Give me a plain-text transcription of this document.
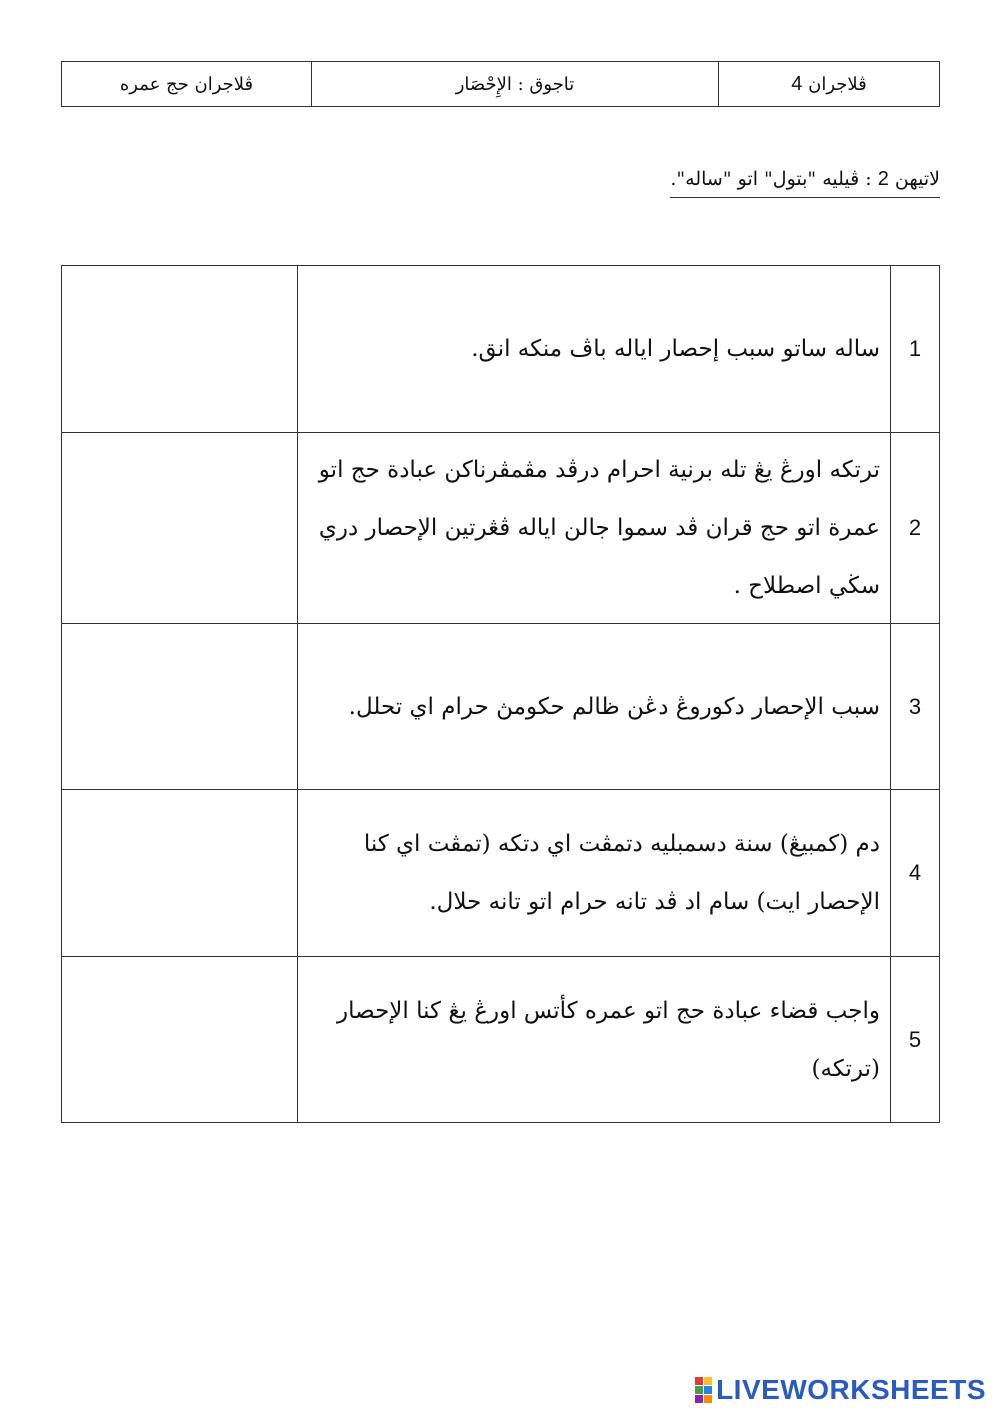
ڤلاجران حج عمره	تاجوق : الإِحْصَار	ڤلاجران 4
لاتيهن 2 : ڤيليه "بتول" اتو "ساله".
	ساله ساتو سبب إحصار اياله باڤ منكه انق.	1

	ترتكه اورڠ يڠ تله برنية احرام درڤد مڤمڤرناكن عبادة حج اتو عمرة اتو حج قران ڤد سموا جالن اياله ڤڠرتين الإحصار دري سڬي اصطلاح .	2

	سبب الإحصار دكوروڠ دڠن ظالم حكومڽ حرام اي تحلل.	3

	دم (كمبيڠ) سنة دسمبليه دتمڤت اي دتكه (تمڤت اي كنا الإحصار ايت) سام اد ڤد تانه حرام اتو تانه حلال.	4

	واجب قضاء عبادة حج اتو عمره كأتس اورڠ يڠ كنا الإحصار (ترتكه)	5
LIVEWORKSHEETS
